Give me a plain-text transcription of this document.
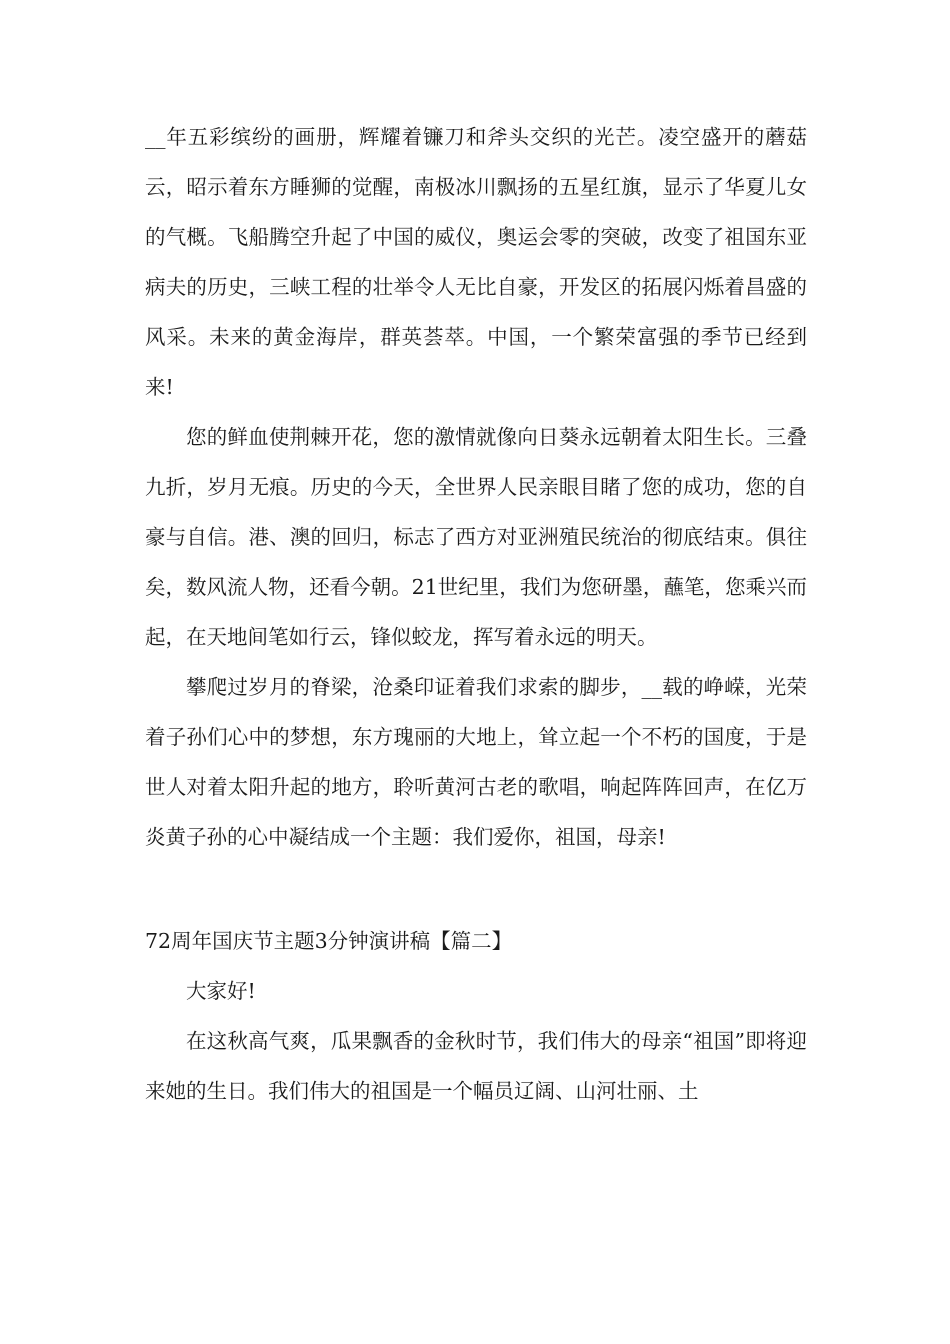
__年五彩缤纷的画册，辉耀着镰刀和斧头交织的光芒。凌空盛开的蘑菇云，昭示着东方睡狮的觉醒，南极冰川飘扬的五星红旗，显示了华夏儿女的气概。飞船腾空升起了中国的威仪，奥运会零的突破，改变了祖国东亚病夫的历史，三峡工程的壮举令人无比自豪，开发区的拓展闪烁着昌盛的风采。未来的黄金海岸，群英荟萃。中国，一个繁荣富强的季节已经到来!

您的鲜血使荆棘开花，您的激情就像向日葵永远朝着太阳生长。三叠九折，岁月无痕。历史的今天，全世界人民亲眼目睹了您的成功，您的自豪与自信。港、澳的回归，标志了西方对亚洲殖民统治的彻底结束。俱往矣，数风流人物，还看今朝。21世纪里，我们为您研墨，蘸笔，您乘兴而起，在天地间笔如行云，锋似蛟龙，挥写着永远的明天。

攀爬过岁月的脊梁，沧桑印证着我们求索的脚步，__载的峥嵘，光荣着子孙们心中的梦想，东方瑰丽的大地上，耸立起一个不朽的国度，于是世人对着太阳升起的地方，聆听黄河古老的歌唱，响起阵阵回声，在亿万炎黄子孙的心中凝结成一个主题：我们爱你，祖国，母亲!

72周年国庆节主题3分钟演讲稿【篇二】

大家好!

在这秋高气爽，瓜果飘香的金秋时节，我们伟大的母亲“祖国”即将迎来她的生日。我们伟大的祖国是一个幅员辽阔、山河壮丽、土
